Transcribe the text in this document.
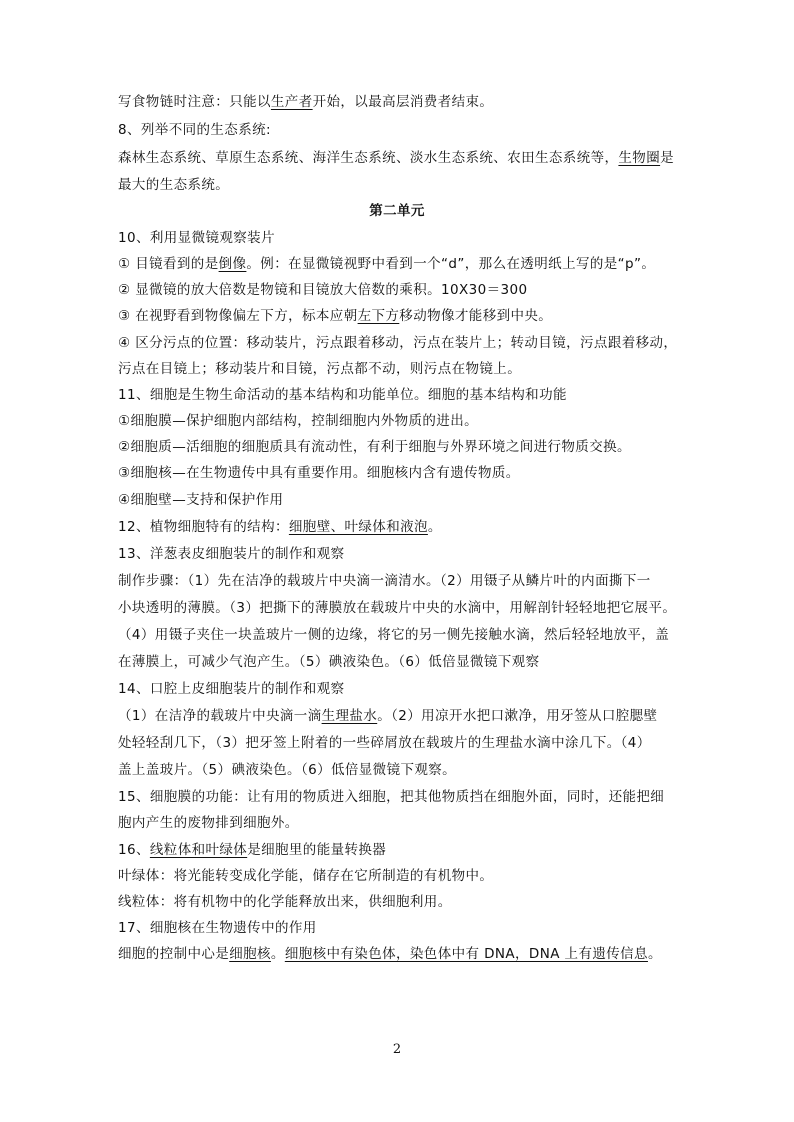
写食物链时注意：只能以生产者开始，以最高层消费者结束。
8、列举不同的生态系统:
森林生态系统、草原生态系统、海洋生态系统、淡水生态系统、农田生态系统等，生物圈是
最大的生态系统。
第二单元
10、利用显微镜观察装片
① 目镜看到的是倒像。例：在显微镜视野中看到一个“d”，那么在透明纸上写的是“p”。
② 显微镜的放大倍数是物镜和目镜放大倍数的乘积。10X30＝300
③ 在视野看到物像偏左下方，标本应朝左下方移动物像才能移到中央。
④ 区分污点的位置：移动装片，污点跟着移动，污点在装片上；转动目镜，污点跟着移动，
污点在目镜上；移动装片和目镜，污点都不动，则污点在物镜上。
11、细胞是生物生命活动的基本结构和功能单位。细胞的基本结构和功能
①细胞膜—保护细胞内部结构，控制细胞内外物质的进出。
②细胞质—活细胞的细胞质具有流动性，有利于细胞与外界环境之间进行物质交换。
③细胞核—在生物遗传中具有重要作用。细胞核内含有遗传物质。
④细胞壁—支持和保护作用
12、植物细胞特有的结构：细胞壁、叶绿体和液泡。
13、洋葱表皮细胞装片的制作和观察
制作步骤：（1）先在洁净的载玻片中央滴一滴清水。（2）用镊子从鳞片叶的内面撕下一
小块透明的薄膜。（3）把撕下的薄膜放在载玻片中央的水滴中，用解剖针轻轻地把它展平。
（4）用镊子夹住一块盖玻片一侧的边缘，将它的另一侧先接触水滴，然后轻轻地放平，盖
在薄膜上，可减少气泡产生。（5）碘液染色。（6）低倍显微镜下观察
14、口腔上皮细胞装片的制作和观察
（1）在洁净的载玻片中央滴一滴生理盐水。（2）用凉开水把口漱净，用牙签从口腔腮壁
处轻轻刮几下，（3）把牙签上附着的一些碎屑放在载玻片的生理盐水滴中涂几下。（4）
盖上盖玻片。（5）碘液染色。（6）低倍显微镜下观察。
15、细胞膜的功能：让有用的物质进入细胞，把其他物质挡在细胞外面，同时，还能把细
胞内产生的废物排到细胞外。
16、线粒体和叶绿体是细胞里的能量转换器
叶绿体：将光能转变成化学能，储存在它所制造的有机物中。
线粒体：将有机物中的化学能释放出来，供细胞利用。
17、细胞核在生物遗传中的作用
细胞的控制中心是细胞核。细胞核中有染色体，染色体中有 DNA，DNA 上有遗传信息。
2
